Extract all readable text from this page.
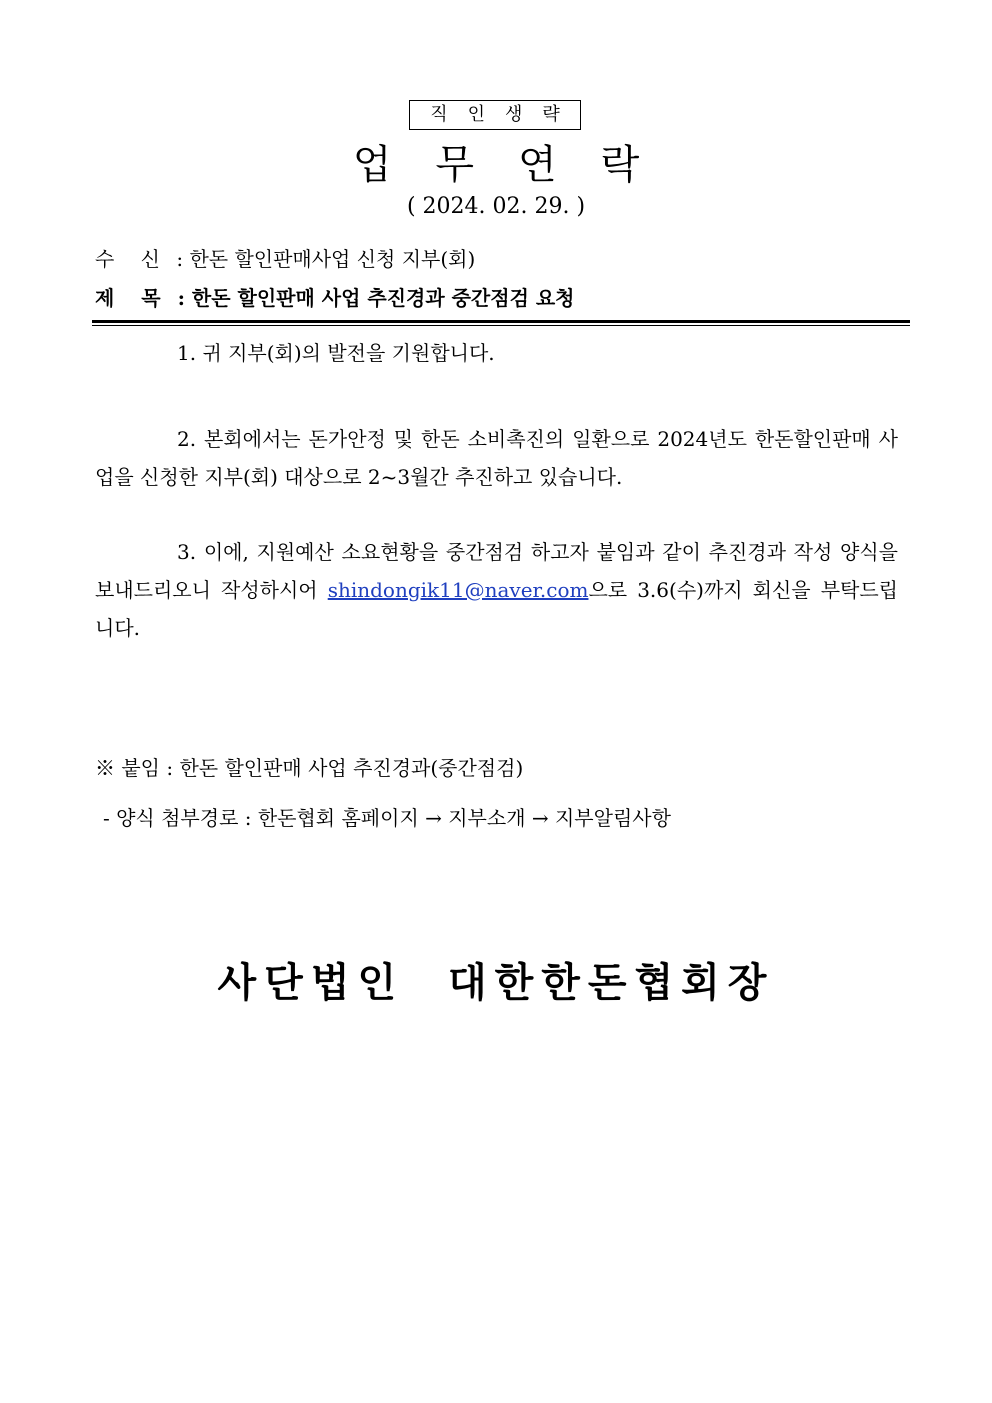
직인생략
업무연락
( 2024. 02. 29. )
수 신 : 한돈 할인판매사업 신청 지부(회)
제 목 : 한돈 할인판매 사업 추진경과 중간점검 요청
1. 귀 지부(회)의 발전을 기원합니다.
2. 본회에서는 돈가안정 및 한돈 소비촉진의 일환으로 2024년도 한돈할인판매 사업을 신청한 지부(회) 대상으로 2~3월간 추진하고 있습니다.
3. 이에, 지원예산 소요현황을 중간점검 하고자 붙임과 같이 추진경과 작성 양식을 보내드리오니 작성하시어 shindongik11@naver.com으로 3.6(수)까지 회신을 부탁드립니다.
※ 붙임 : 한돈 할인판매 사업 추진경과(중간점검)
- 양식 첨부경로 : 한돈협회 홈페이지 → 지부소개 → 지부알림사항
사단법인  대한한돈협회장
